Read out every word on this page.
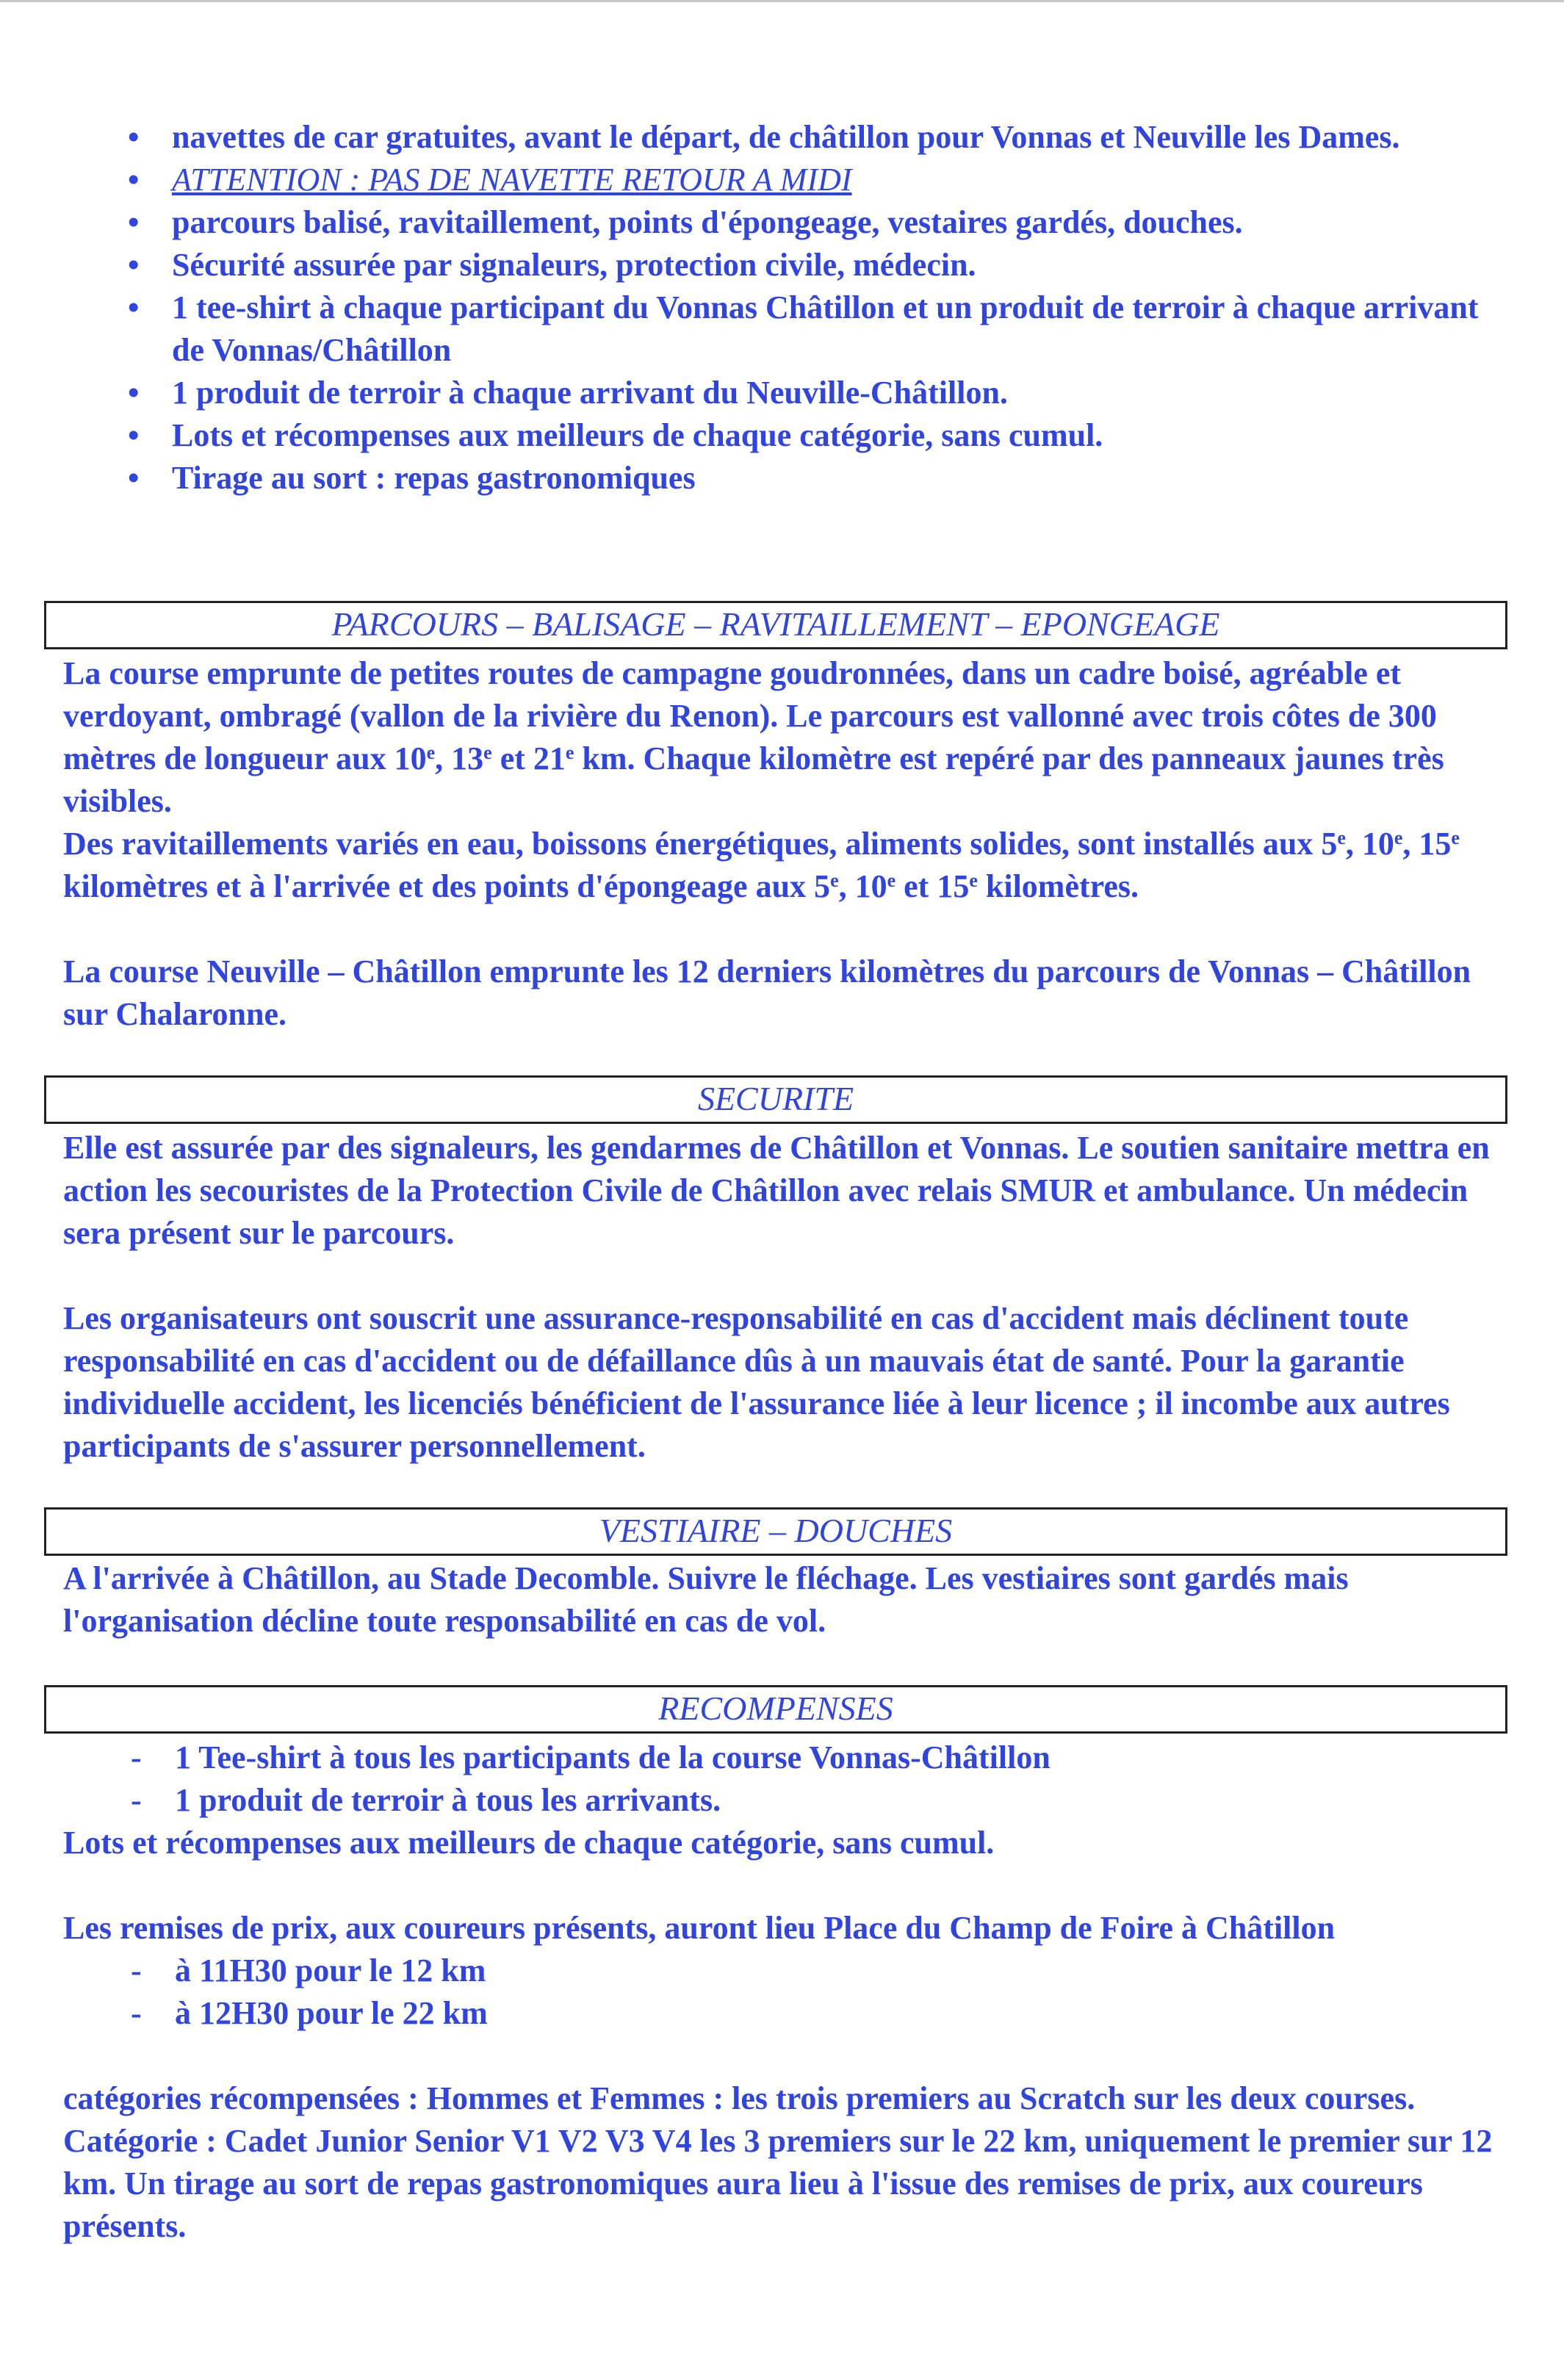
• navettes de car gratuites, avant le départ, de châtillon pour Vonnas et Neuville les Dames.
• ATTENTION : PAS DE NAVETTE RETOUR A MIDI
• parcours balisé, ravitaillement, points d'épongeage, vestaires gardés, douches.
• Sécurité assurée par signaleurs, protection civile, médecin.
• 1 tee-shirt à chaque participant du Vonnas Châtillon et un produit de terroir à chaque arrivant de Vonnas/Châtillon
• 1 produit de terroir à chaque arrivant du Neuville-Châtillon.
• Lots et récompenses aux meilleurs de chaque catégorie, sans cumul.
• Tirage au sort : repas gastronomiques
PARCOURS – BALISAGE – RAVITAILLEMENT – EPONGEAGE

La course emprunte de petites routes de campagne goudronnées, dans un cadre boisé, agréable et verdoyant, ombragé (vallon de la rivière du Renon). Le parcours est vallonné avec trois côtes de 300 mètres de longueur aux 10e, 13e et 21e km. Chaque kilomètre est repéré par des panneaux jaunes très visibles.

Des ravitaillements variés en eau, boissons énergétiques, aliments solides, sont installés aux 5e, 10e, 15e kilomètres et à l'arrivée et des points d'épongeage aux 5e, 10e et 15e kilomètres.

La course Neuville – Châtillon emprunte les 12 derniers kilomètres du parcours de Vonnas – Châtillon sur Chalaronne.

SECURITE

Elle est assurée par des signaleurs, les gendarmes de Châtillon et Vonnas. Le soutien sanitaire mettra en action les secouristes de la Protection Civile de Châtillon avec relais SMUR et ambulance. Un médecin sera présent sur le parcours.

Les organisateurs ont souscrit une assurance-responsabilité en cas d'accident mais déclinent toute responsabilité en cas d'accident ou de défaillance dûs à un mauvais état de santé. Pour la garantie individuelle accident, les licenciés bénéficient de l'assurance liée à leur licence ; il incombe aux autres participants de s'assurer personnellement.

VESTIAIRE – DOUCHES

A l'arrivée à Châtillon, au Stade Decomble. Suivre le fléchage. Les vestiaires sont gardés mais l'organisation décline toute responsabilité en cas de vol.

RECOMPENSES
- 1 Tee-shirt à tous les participants de la course Vonnas-Châtillon
- 1 produit de terroir à tous les arrivants.

Lots et récompenses aux meilleurs de chaque catégorie, sans cumul.

Les remises de prix, aux coureurs présents, auront lieu Place du Champ de Foire à Châtillon

- à 11H30 pour le 12 km
- à 12H30 pour le 22 km

catégories récompensées : Hommes et Femmes : les trois premiers au Scratch sur les deux courses.

Catégorie : Cadet Junior Senior V1 V2 V3 V4 les 3 premiers sur le 22 km, uniquement le premier sur 12 km. Un tirage au sort de repas gastronomiques aura lieu à l'issue des remises de prix, aux coureurs présents.
